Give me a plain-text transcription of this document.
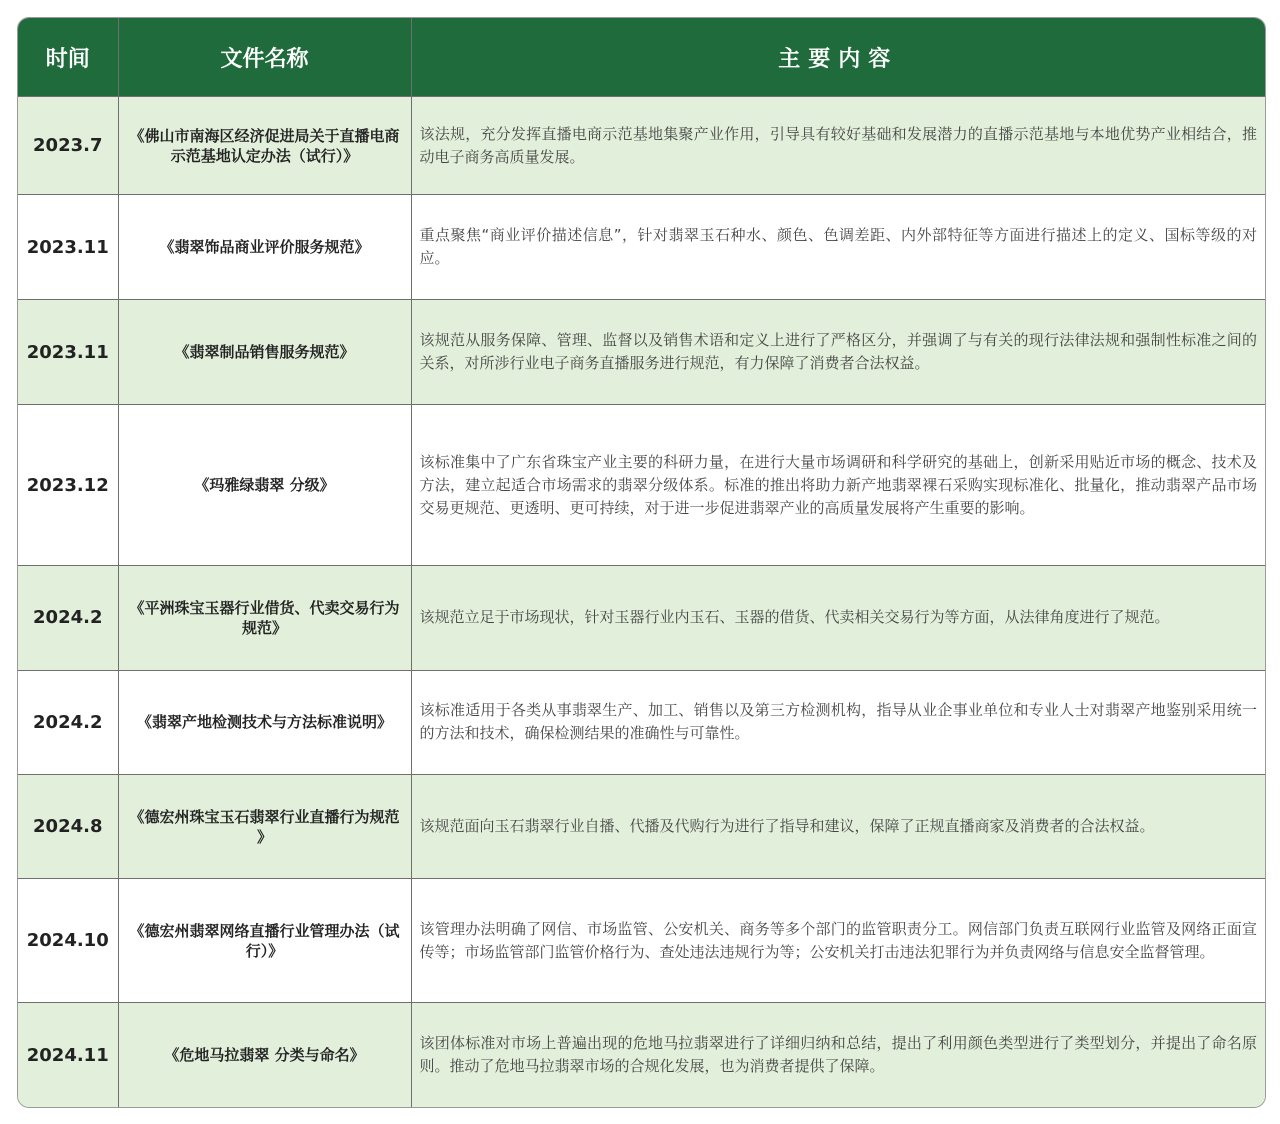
时间	文件名称	主要内容
2023.7	《佛山市南海区经济促进局关于直播电商示范基地认定办法（试行）》	该法规，充分发挥直播电商示范基地集聚产业作用，引导具有较好基础和发展潜力的直播示范基地与本地优势产业相结合，推动电子商务高质量发展。
2023.11	《翡翠饰品商业评价服务规范》	重点聚焦“商业评价描述信息”，针对翡翠玉石种水、颜色、色调差距、内外部特征等方面进行描述上的定义、国标等级的对应。
2023.11	《翡翠制品销售服务规范》	该规范从服务保障、管理、监督以及销售术语和定义上进行了严格区分，并强调了与有关的现行法律法规和强制性标准之间的关系，对所涉行业电子商务直播服务进行规范，有力保障了消费者合法权益。
2023.12	《玛雅绿翡翠 分级》	该标准集中了广东省珠宝产业主要的科研力量，在进行大量市场调研和科学研究的基础上，创新采用贴近市场的概念、技术及方法，建立起适合市场需求的翡翠分级体系。标准的推出将助力新产地翡翠裸石采购实现标准化、批量化，推动翡翠产品市场交易更规范、更透明、更可持续，对于进一步促进翡翠产业的高质量发展将产生重要的影响。
2024.2	《平洲珠宝玉器行业借货、代卖交易行为规范》	该规范立足于市场现状，针对玉器行业内玉石、玉器的借货、代卖相关交易行为等方面，从法律角度进行了规范。
2024.2	《翡翠产地检测技术与方法标准说明》	该标准适用于各类从事翡翠生产、加工、销售以及第三方检测机构，指导从业企事业单位和专业人士对翡翠产地鉴别采用统一的方法和技术，确保检测结果的准确性与可靠性。
2024.8	《德宏州珠宝玉石翡翠行业直播行为规范 》	该规范面向玉石翡翠行业自播、代播及代购行为进行了指导和建议，保障了正规直播商家及消费者的合法权益。
2024.10	《德宏州翡翠网络直播行业管理办法（试行）》	该管理办法明确了网信、市场监管、公安机关、商务等多个部门的监管职责分工。网信部门负责互联网行业监管及网络正面宣传等；市场监管部门监管价格行为、查处违法违规行为等；公安机关打击违法犯罪行为并负责网络与信息安全监督管理。
2024.11	《危地马拉翡翠 分类与命名》	该团体标准对市场上普遍出现的危地马拉翡翠进行了详细归纳和总结，提出了利用颜色类型进行了类型划分，并提出了命名原则。推动了危地马拉翡翠市场的合规化发展，也为消费者提供了保障。
